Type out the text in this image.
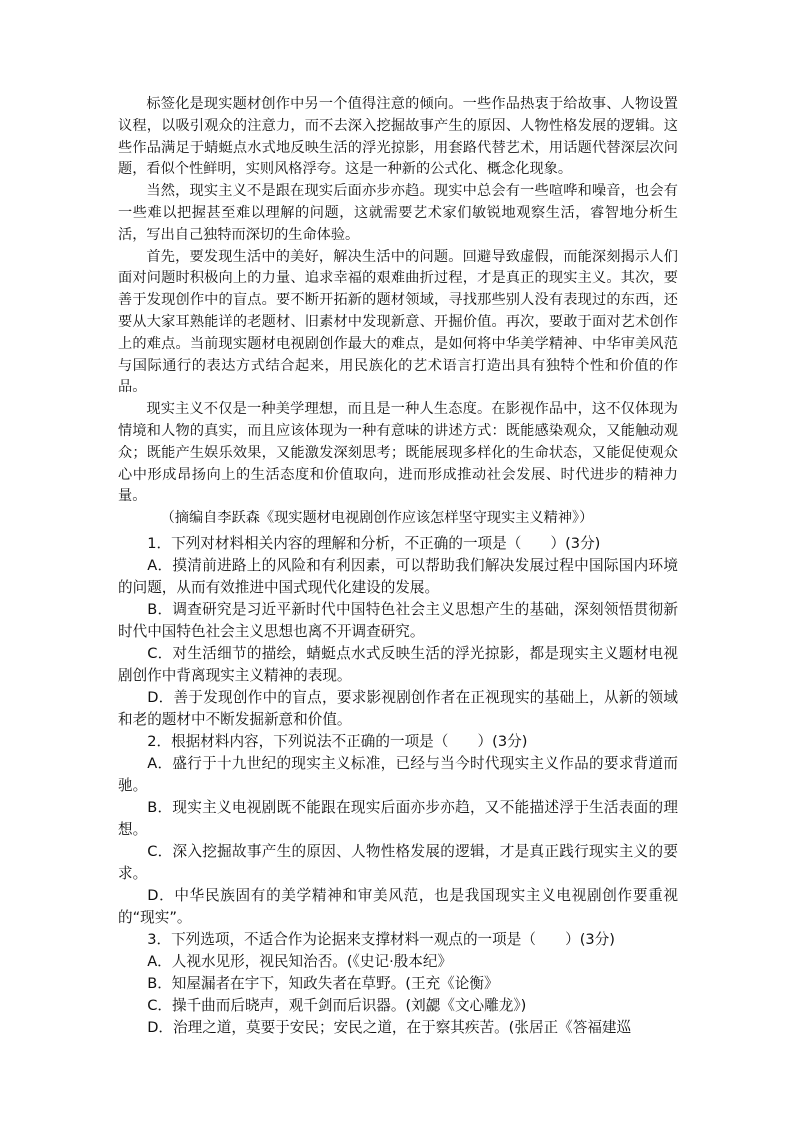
标签化是现实题材创作中另一个值得注意的倾向。一些作品热衷于给故事、人物设置议程，以吸引观众的注意力，而不去深入挖掘故事产生的原因、人物性格发展的逻辑。这些作品满足于蜻蜓点水式地反映生活的浮光掠影，用套路代替艺术，用话题代替深层次问题，看似个性鲜明，实则风格浮夸。这是一种新的公式化、概念化现象。

当然，现实主义不是跟在现实后面亦步亦趋。现实中总会有一些喧哗和噪音，也会有一些难以把握甚至难以理解的问题，这就需要艺术家们敏锐地观察生活，睿智地分析生活，写出自己独特而深切的生命体验。

首先，要发现生活中的美好，解决生活中的问题。回避导致虚假，而能深刻揭示人们面对问题时积极向上的力量、追求幸福的艰难曲折过程，才是真正的现实主义。其次，要善于发现创作中的盲点。要不断开拓新的题材领域，寻找那些别人没有表现过的东西，还要从大家耳熟能详的老题材、旧素材中发现新意、开掘价值。再次，要敢于面对艺术创作上的难点。当前现实题材电视剧创作最大的难点，是如何将中华美学精神、中华审美风范与国际通行的表达方式结合起来，用民族化的艺术语言打造出具有独特个性和价值的作品。

现实主义不仅是一种美学理想，而且是一种人生态度。在影视作品中，这不仅体现为情境和人物的真实，而且应该体现为一种有意味的讲述方式：既能感染观众，又能触动观众；既能产生娱乐效果，又能激发深刻思考；既能展现多样化的生命状态，又能促使观众心中形成昂扬向上的生活态度和价值取向，进而形成推动社会发展、时代进步的精神力量。

（摘编自李跃森《现实题材电视剧创作应该怎样坚守现实主义精神》）

1．下列对材料相关内容的理解和分析，不正确的一项是（　　）(3分)

A．摸清前进路上的风险和有利因素，可以帮助我们解决发展过程中国际国内环境的问题，从而有效推进中国式现代化建设的发展。

B．调查研究是习近平新时代中国特色社会主义思想产生的基础，深刻领悟贯彻新时代中国特色社会主义思想也离不开调查研究。

C．对生活细节的描绘，蜻蜓点水式反映生活的浮光掠影，都是现实主义题材电视剧创作中背离现实主义精神的表现。

D．善于发现创作中的盲点，要求影视剧创作者在正视现实的基础上，从新的领域和老的题材中不断发掘新意和价值。

2．根据材料内容，下列说法不正确的一项是（　　）(3分)

A．盛行于十九世纪的现实主义标准，已经与当今时代现实主义作品的要求背道而驰。

B．现实主义电视剧既不能跟在现实后面亦步亦趋，又不能描述浮于生活表面的理想。

C．深入挖掘故事产生的原因、人物性格发展的逻辑，才是真正践行现实主义的要求。

D．中华民族固有的美学精神和审美风范，也是我国现实主义电视剧创作要重视的“现实”。

3．下列选项，不适合作为论据来支撑材料一观点的一项是（　　）(3分)

A．人视水见形，视民知治否。(《史记·殷本纪》

B．知屋漏者在宇下，知政失者在草野。(王充《论衡》

C．操千曲而后晓声，观千剑而后识器。(刘勰《文心雕龙》)

D．治理之道，莫要于安民；安民之道，在于察其疾苦。(张居正《答福建巡
